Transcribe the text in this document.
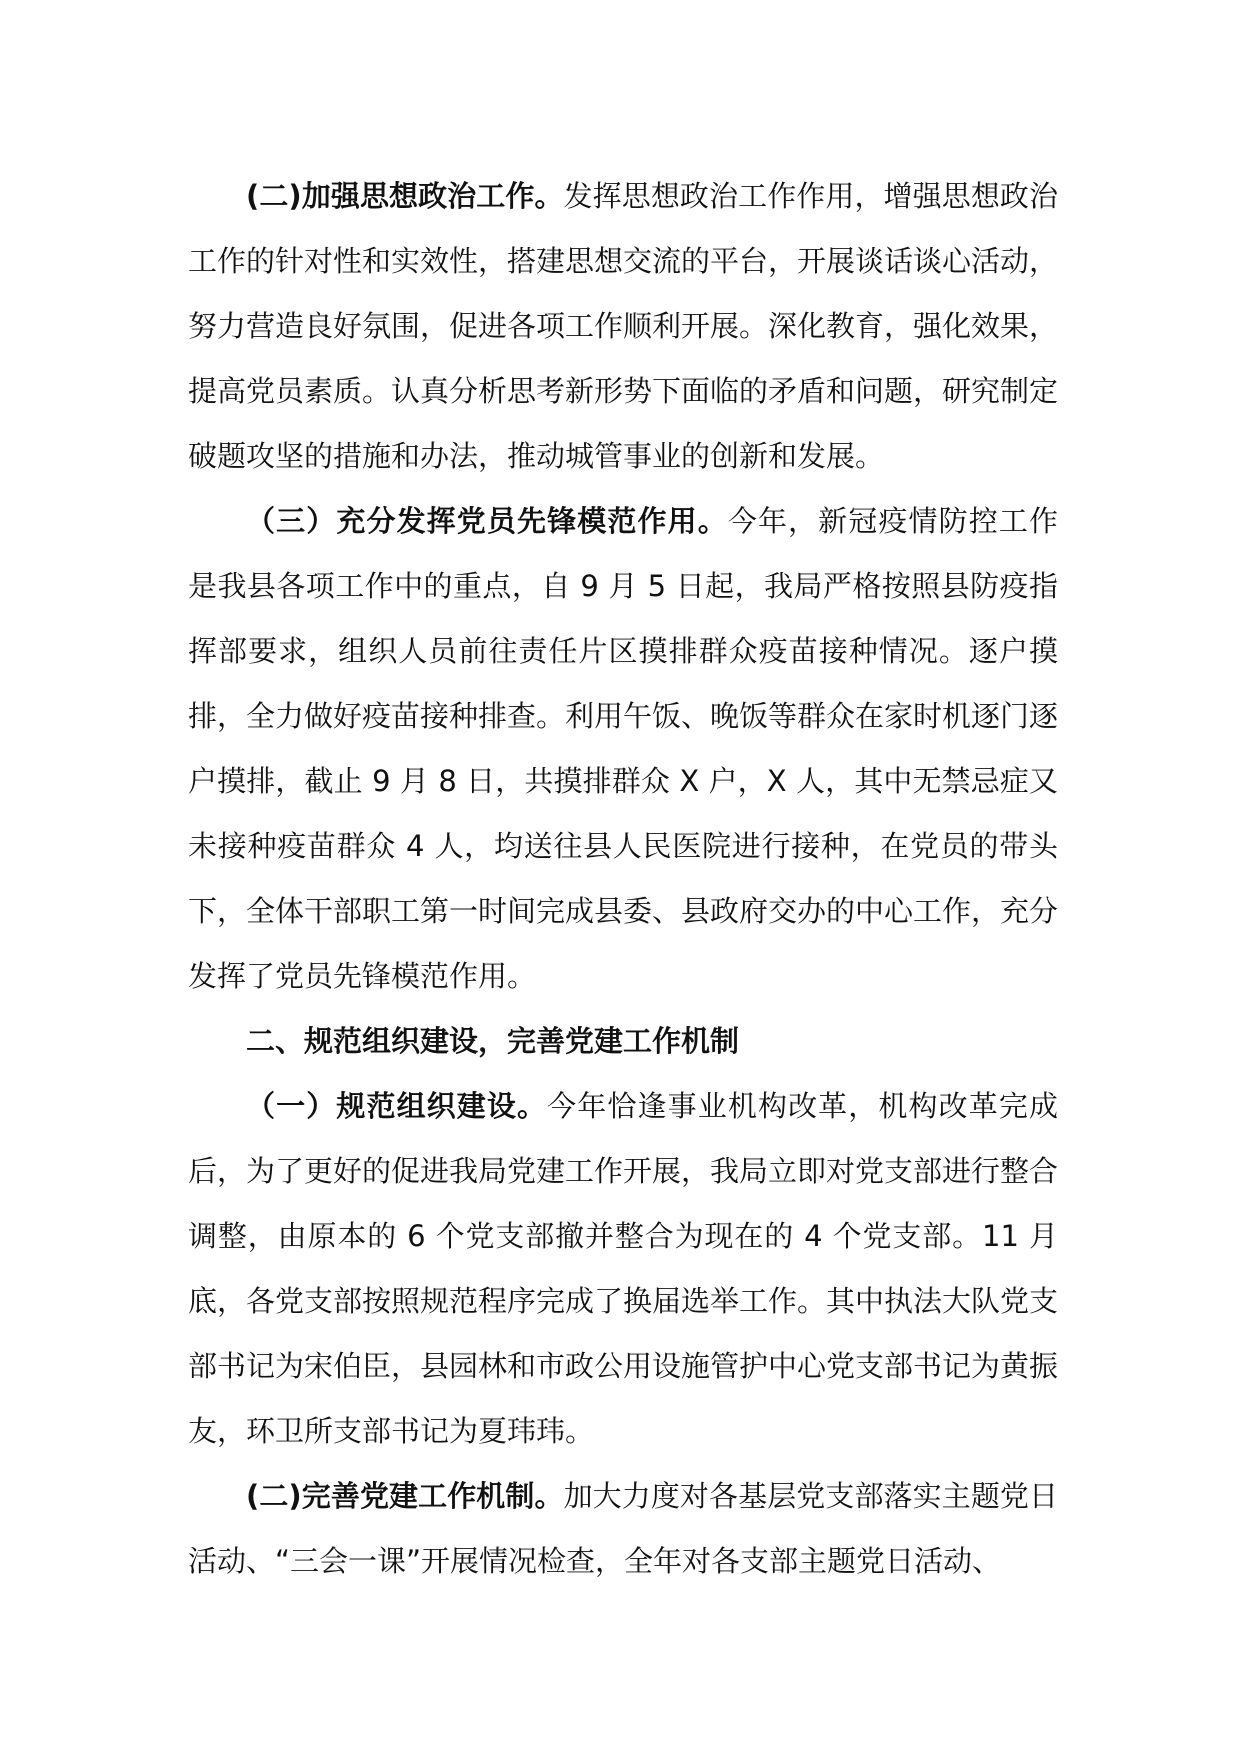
(二)加强思想政治工作。发挥思想政治工作作用，增强思想政治工作的针对性和实效性，搭建思想交流的平台，开展谈话谈心活动，努力营造良好氛围，促进各项工作顺利开展。深化教育，强化效果，提高党员素质。认真分析思考新形势下面临的矛盾和问题，研究制定破题攻坚的措施和办法，推动城管事业的创新和发展。

（三）充分发挥党员先锋模范作用。今年，新冠疫情防控工作是我县各项工作中的重点，自 9 月 5 日起，我局严格按照县防疫指挥部要求，组织人员前往责任片区摸排群众疫苗接种情况。逐户摸排，全力做好疫苗接种排查。利用午饭、晚饭等群众在家时机逐门逐户摸排，截止 9 月 8 日，共摸排群众 X 户，X 人，其中无禁忌症又未接种疫苗群众 4 人，均送往县人民医院进行接种，在党员的带头下，全体干部职工第一时间完成县委、县政府交办的中心工作，充分发挥了党员先锋模范作用。

二、规范组织建设，完善党建工作机制

（一）规范组织建设。今年恰逢事业机构改革，机构改革完成后，为了更好的促进我局党建工作开展，我局立即对党支部进行整合调整，由原本的 6 个党支部撤并整合为现在的 4 个党支部。11 月底，各党支部按照规范程序完成了换届选举工作。其中执法大队党支部书记为宋伯臣，县园林和市政公用设施管护中心党支部书记为黄振友，环卫所支部书记为夏玮玮。

(二)完善党建工作机制。加大力度对各基层党支部落实主题党日活动、“三会一课”开展情况检查，全年对各支部主题党日活动、
